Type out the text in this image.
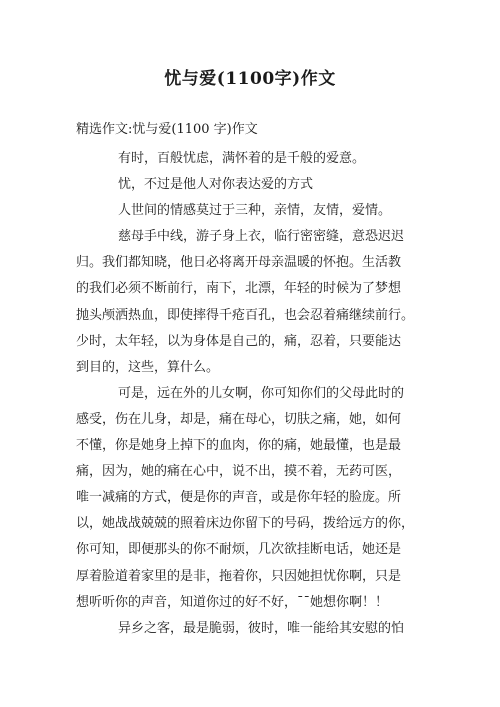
忧与爱(1100字)作文
精选作文:忧与爱(1100 字)作文
有时，百般忧虑，满怀着的是千般的爱意。
忧，不过是他人对你表达爱的方式
人世间的情感莫过于三种，亲情，友情，爱情。
慈母手中线，游子身上衣，临行密密缝，意恐迟迟
归。我们都知晓，他日必将离开母亲温暖的怀抱。生活教
的我们必须不断前行，南下，北漂，年轻的时候为了梦想
抛头颅洒热血，即使摔得千疮百孔，也会忍着痛继续前行。
少时，太年轻，以为身体是自己的，痛，忍着，只要能达
到目的，这些，算什么。
可是，远在外的儿女啊，你可知你们的父母此时的
感受，伤在儿身，却是，痛在母心，切肤之痛，她，如何
不懂，你是她身上掉下的血肉，你的痛，她最懂，也是最
痛，因为，她的痛在心中，说不出，摸不着，无药可医，
唯一减痛的方式，便是你的声音，或是你年轻的脸庞。所
以，她战战兢兢的照着床边你留下的号码，拨给远方的你，
你可知，即便那头的你不耐烦，几次欲挂断电话，她还是
厚着脸道着家里的是非，拖着你，只因她担忧你啊，只是
想听听你的声音，知道你过的好不好，¯¯她想你啊！！
异乡之客，最是脆弱，彼时，唯一能给其安慰的怕
